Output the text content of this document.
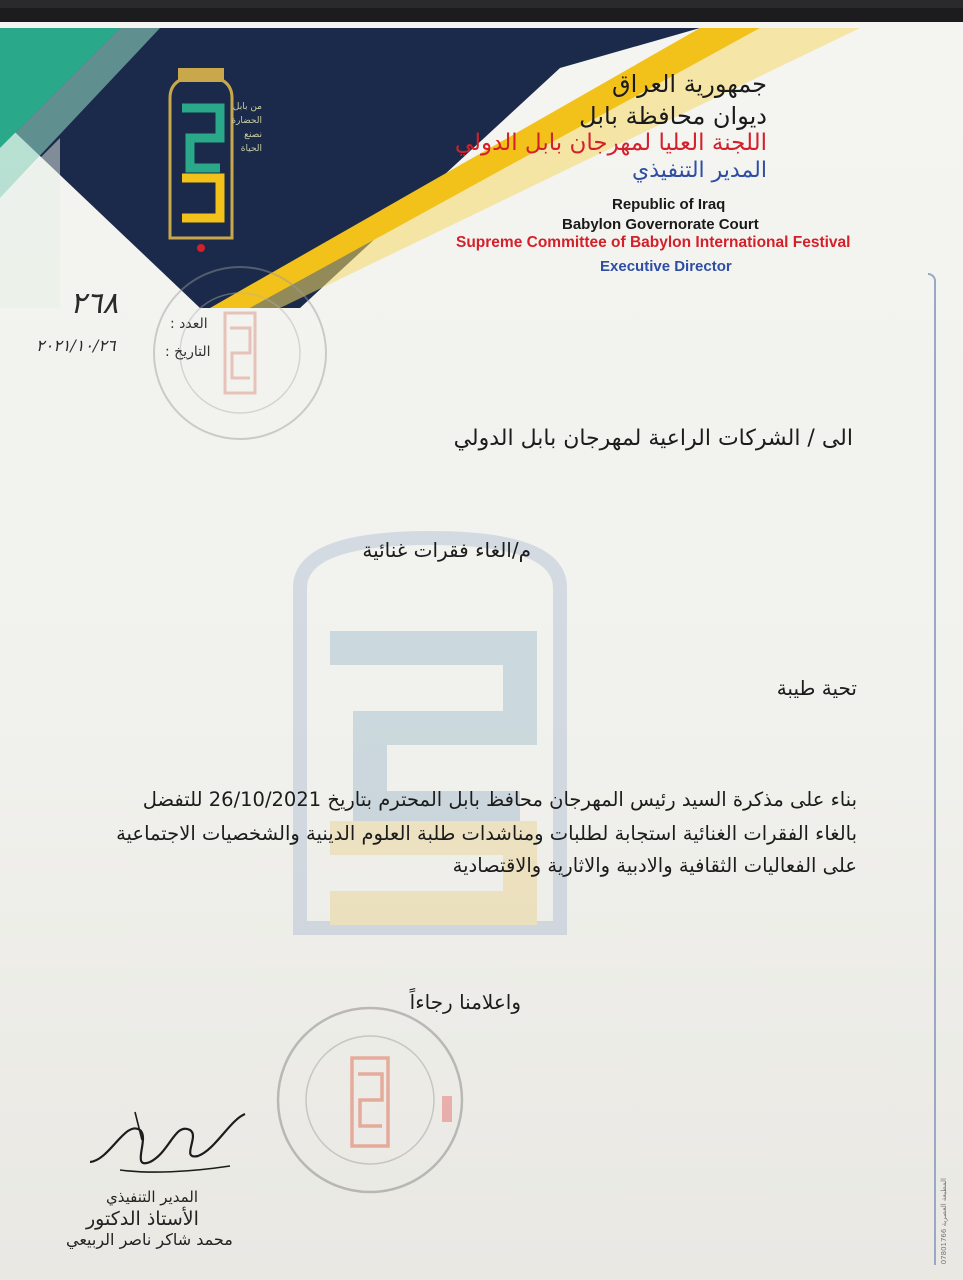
من بابل
الحضارة
نصنع
الحياة
جمهورية العراق
ديوان محافظة بابل
اللجنة العليا لمهرجان بابل الدولي
المدير التنفيذي
Republic of Iraq
Babylon Governorate Court
Supreme Committee of Babylon International Festival
Executive Director
المطبعة العصرية 07801766
العدد :
التاريخ :
٢٦٨
٢٠٢١/١٠/٢٦
الى / الشركات الراعية لمهرجان بابل الدولي
م/الغاء فقرات غنائية
تحية طيبة
بناء على مذكرة السيد رئيس المهرجان محافظ بابل المحترم بتاريخ 26/10/2021 للتفضل
بالغاء الفقرات الغنائية استجابة لطلبات ومناشدات طلبة العلوم الدينية والشخصيات الاجتماعية
على الفعاليات الثقافية والادبية والاثارية والاقتصادية
واعلامنا رجاءاً
المدير التنفيذي
الأستاذ الدكتور
محمد شاكر ناصر الربيعي
